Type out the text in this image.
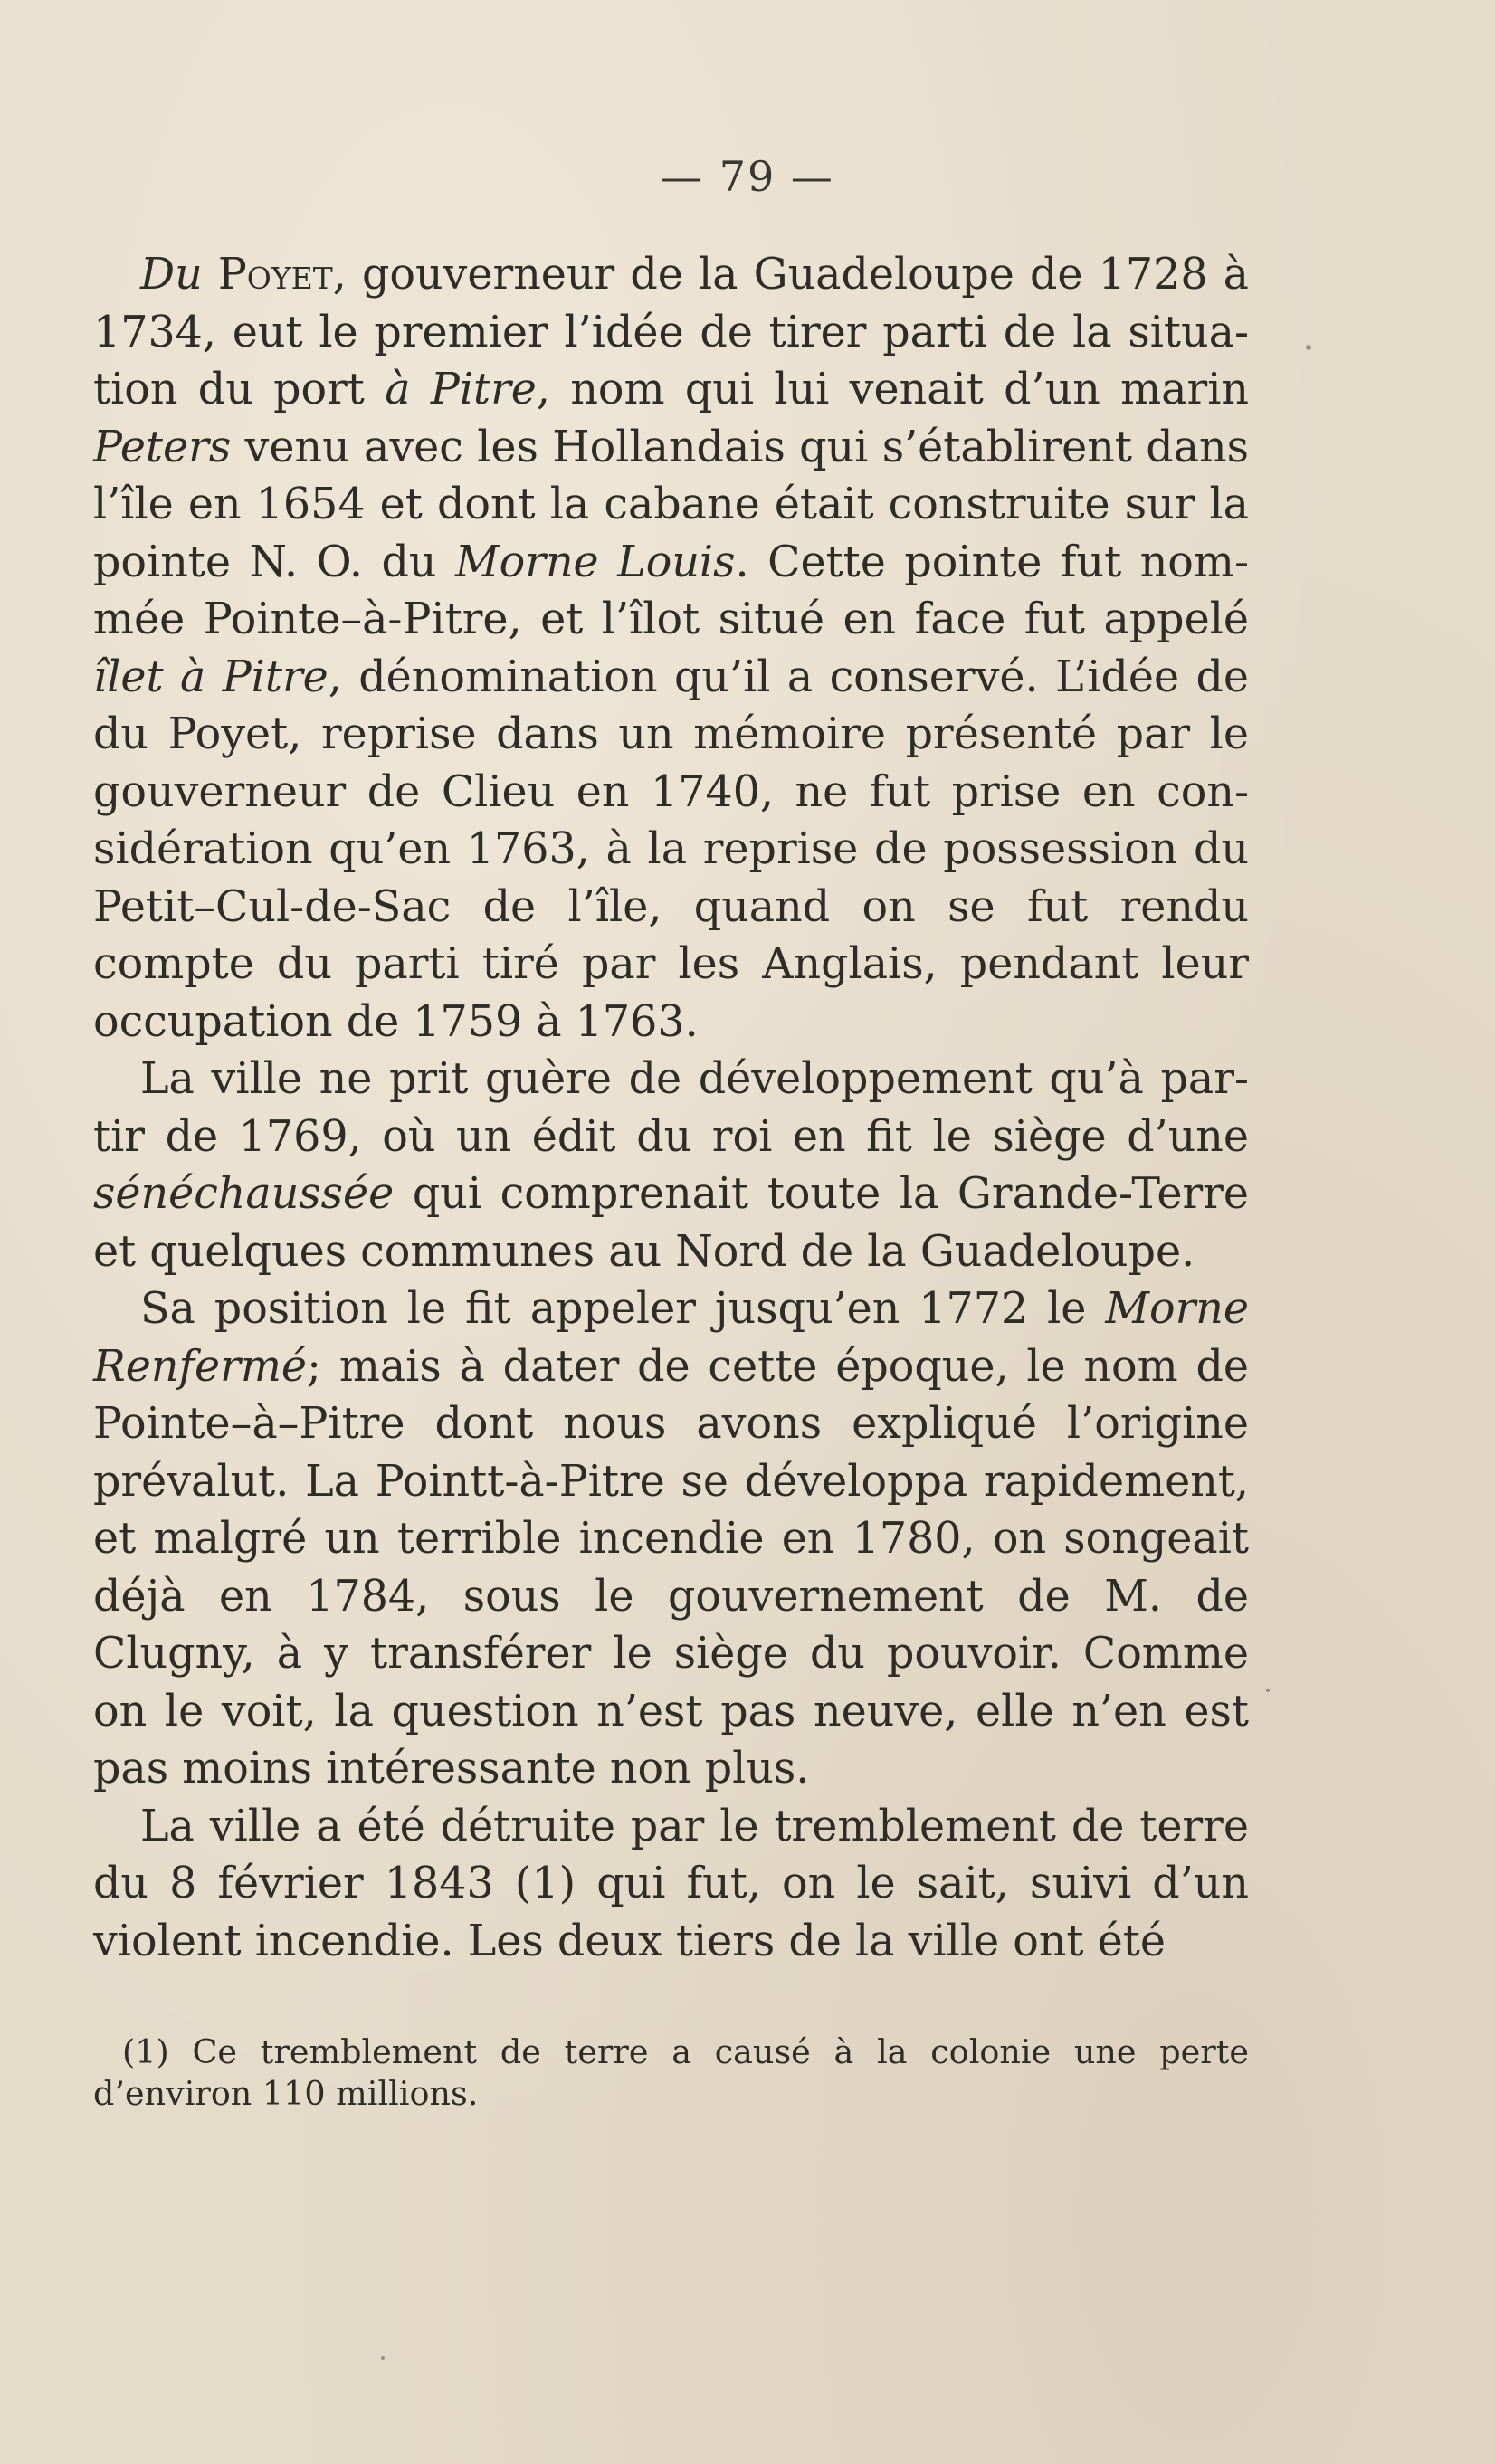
— 79 —

Du Poyet, gouverneur de la Guadeloupe de 1728 à 1734, eut le premier l’idée de tirer parti de la situation du port à Pitre, nom qui lui venait d’un marin Peters venu avec les Hollandais qui s’établirent dans l’île en 1654 et dont la cabane était construite sur la pointe N. O. du Morne Louis. Cette pointe fut nommée Pointe–à-Pitre, et l’îlot situé en face fut appelé îlet à Pitre, dénomination qu’il a conservé. L’idée de du Poyet, reprise dans un mémoire présenté par le gouverneur de Clieu en 1740, ne fut prise en considération qu’en 1763, à la reprise de possession du Petit–Cul-de-Sac de l’île, quand on se fut rendu compte du parti tiré par les Anglais, pendant leur occupation de 1759 à 1763.

La ville ne prit guère de développement qu’à partir de 1769, où un édit du roi en fit le siège d’une sénéchaussée qui comprenait toute la Grande-Terre et quelques communes au Nord de la Guadeloupe.

Sa position le fit appeler jusqu’en 1772 le Morne Renfermé; mais à dater de cette époque, le nom de Pointe–à–Pitre dont nous avons expliqué l’origine prévalut. La Pointt-à-Pitre se développa rapidement, et malgré un terrible incendie en 1780, on songeait déjà en 1784, sous le gouvernement de M. de Clugny, à y transférer le siège du pouvoir. Comme on le voit, la question n’est pas neuve, elle n’en est pas moins intéressante non plus.

La ville a été détruite par le tremblement de terre du 8 février 1843 (1) qui fut, on le sait, suivi d’un violent incendie. Les deux tiers de la ville ont été

(1) Ce tremblement de terre a causé à la colonie une perte d’environ 110 millions.
